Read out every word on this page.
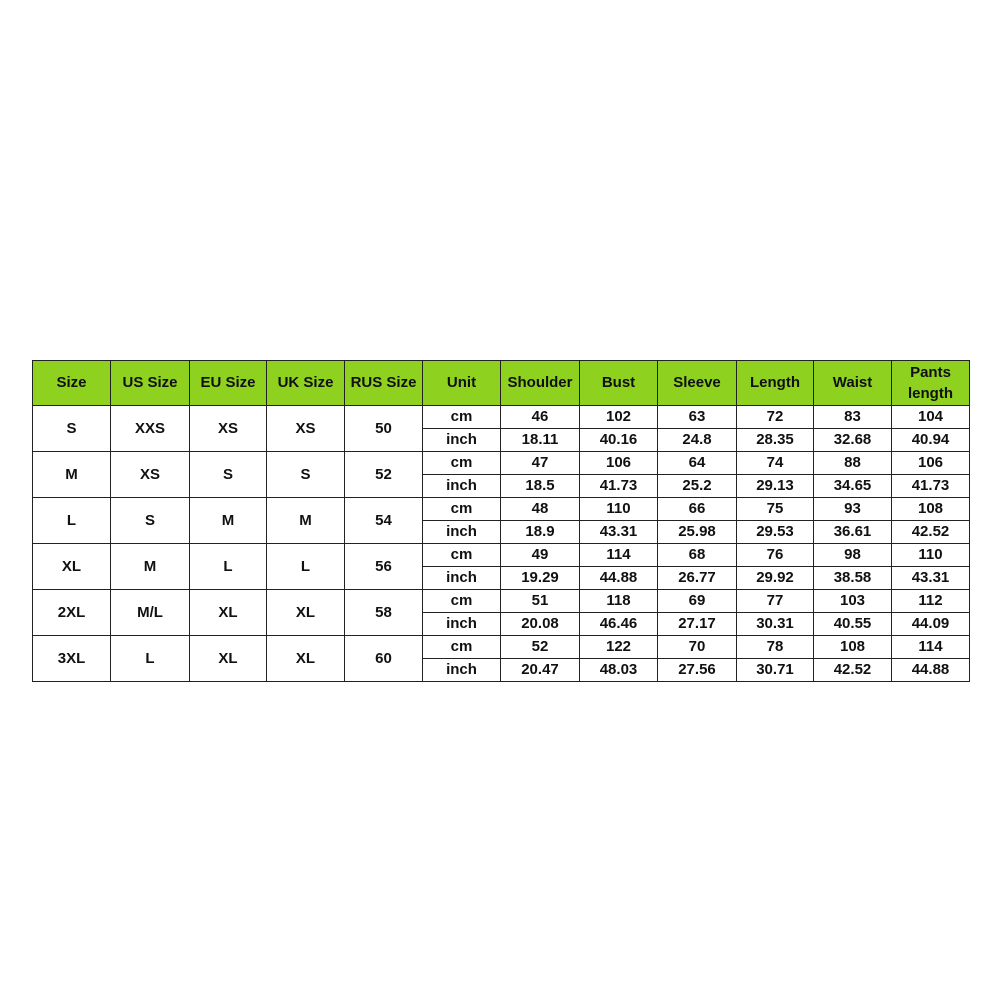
Size	US Size	EU Size	UK Size	RUS Size	Unit	Shoulder	Bust	Sleeve	Length	Waist	Pants length
S	XXS	XS	XS	50	cm	46	102	63	72	83	104
					inch	18.11	40.16	24.8	28.35	32.68	40.94
M	XS	S	S	52	cm	47	106	64	74	88	106
					inch	18.5	41.73	25.2	29.13	34.65	41.73
L	S	M	M	54	cm	48	110	66	75	93	108
					inch	18.9	43.31	25.98	29.53	36.61	42.52
XL	M	L	L	56	cm	49	114	68	76	98	110
					inch	19.29	44.88	26.77	29.92	38.58	43.31
2XL	M/L	XL	XL	58	cm	51	118	69	77	103	112
					inch	20.08	46.46	27.17	30.31	40.55	44.09
3XL	L	XL	XL	60	cm	52	122	70	78	108	114
					inch	20.47	48.03	27.56	30.71	42.52	44.88
